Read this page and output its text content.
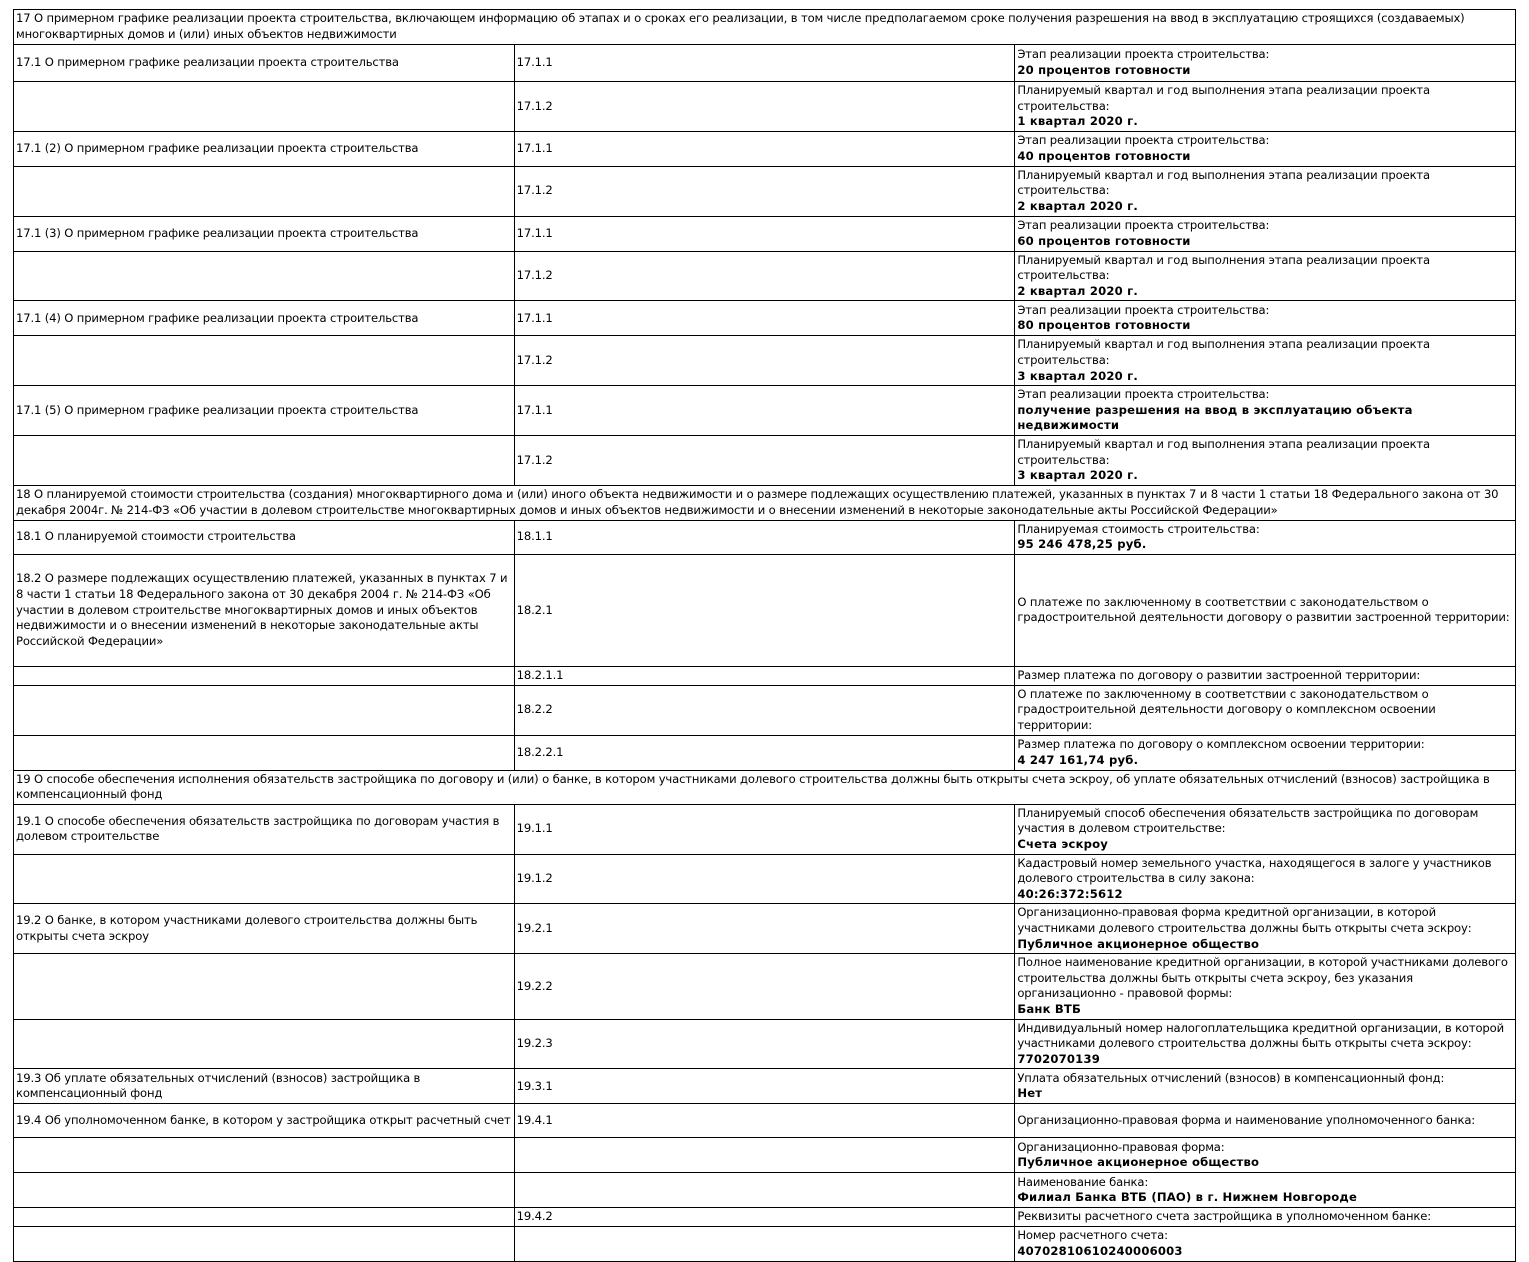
17 О примерном графике реализации проекта строительства, включающем информацию об этапах и о сроках его реализации, в том числе предполагаемом сроке получения разрешения на ввод в эксплуатацию строящихся (создаваемых) многоквартирных домов и (или) иных объектов недвижимости		
17.1 О примерном графике реализации проекта строительства	17.1.1	Этап реализации проекта строительства:
20 процентов готовности

	17.1.2	Планируемый квартал и год выполнения этапа реализации проекта строительства:
1 квартал 2020 г.

17.1 (2) О примерном графике реализации проекта строительства	17.1.1	Этап реализации проекта строительства:
40 процентов готовности

	17.1.2	Планируемый квартал и год выполнения этапа реализации проекта строительства:
2 квартал 2020 г.

17.1 (3) О примерном графике реализации проекта строительства	17.1.1	Этап реализации проекта строительства:
60 процентов готовности

	17.1.2	Планируемый квартал и год выполнения этапа реализации проекта строительства:
2 квартал 2020 г.

17.1 (4) О примерном графике реализации проекта строительства	17.1.1	Этап реализации проекта строительства:
80 процентов готовности

	17.1.2	Планируемый квартал и год выполнения этапа реализации проекта строительства:
3 квартал 2020 г.

17.1 (5) О примерном графике реализации проекта строительства	17.1.1	Этап реализации проекта строительства:
получение разрешения на ввод в эксплуатацию объекта недвижимости

	17.1.2	Планируемый квартал и год выполнения этапа реализации проекта строительства:
3 квартал 2020 г.

18 О планируемой стоимости строительства (создания) многоквартирного дома и (или) иного объекта недвижимости и о размере подлежащих осуществлению платежей, указанных в пунктах 7 и 8 части 1 статьи 18 Федерального закона от 30 декабря 2004г. № 214-ФЗ «Об участии в долевом строительстве многоквартирных домов и иных объектов недвижимости и о внесении изменений в некоторые законодательные акты Российской Федерации»		
18.1 О планируемой стоимости строительства	18.1.1	Планируемая стоимость строительства:
95 246 478,25 руб.

18.2 О размере подлежащих осуществлению платежей, указанных в пунктах 7 и 8 части 1 статьи 18 Федерального закона от 30 декабря 2004 г. № 214-ФЗ «Об участии в долевом строительстве многоквартирных домов и иных объектов недвижимости и о внесении изменений в некоторые законодательные акты Российской Федерации»	18.2.1	О платеже по заключенному в соответствии с законодательством о градостроительной деятельности договору о развитии застроенной территории:

	18.2.1.1	Размер платежа по договору о развитии застроенной территории:

	18.2.2	О платеже по заключенному в соответствии с законодательством о градостроительной деятельности договору о комплексном освоении территории:

	18.2.2.1	Размер платежа по договору о комплексном освоении территории:
4 247 161,74 руб.

19 О способе обеспечения исполнения обязательств застройщика по договору и (или) о банке, в котором участниками долевого строительства должны быть открыты счета эскроу, об уплате обязательных отчислений (взносов) застройщика в компенсационный фонд		
19.1 О способе обеспечения обязательств застройщика по договорам участия в долевом строительстве	19.1.1	Планируемый способ обеспечения обязательств застройщика по договорам участия в долевом строительстве:
Счета эскроу

	19.1.2	Кадастровый номер земельного участка, находящегося в залоге у участников долевого строительства в силу закона:
40:26:372:5612

19.2 О банке, в котором участниками долевого строительства должны быть открыты счета эскроу	19.2.1	Организационно-правовая форма кредитной организации, в которой участниками долевого строительства должны быть открыты счета эскроу:
Публичное акционерное общество

	19.2.2	Полное наименование кредитной организации, в которой участниками долевого строительства должны быть открыты счета эскроу, без указания организационно - правовой формы:
Банк ВТБ

	19.2.3	Индивидуальный номер налогоплательщика кредитной организации, в которой участниками долевого строительства должны быть открыты счета эскроу:
7702070139

19.3 Об уплате обязательных отчислений (взносов) застройщика в компенсационный фонд	19.3.1	Уплата обязательных отчислений (взносов) в компенсационный фонд:
Нет

19.4 Об уполномоченном банке, в котором у застройщика открыт расчетный счет	19.4.1	Организационно-правовая форма и наименование уполномоченного банка:

		Организационно-правовая форма:
Публичное акционерное общество

		Наименование банка:
Филиал Банка ВТБ (ПАО) в г. Нижнем Новгороде

	19.4.2	Реквизиты расчетного счета застройщика в уполномоченном банке:

		Номер расчетного счета:
40702810610240006003
